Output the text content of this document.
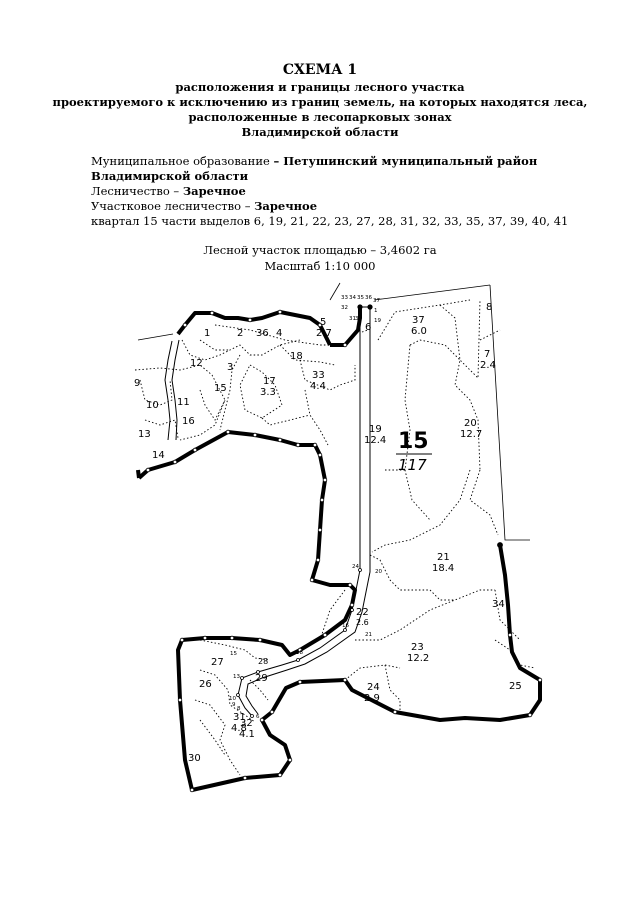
СХЕМА 1
расположения и границы лесного участка
проектируемого к исключению из границ земель, на которых находятся леса,
расположенные в лесопарковых зонах
Владимирской области
Муниципальное образование – Петушинский муниципальный район Владимирской области
Лесничество – Заречное
Участковое лесничество – Заречное
квартал 15 части выделов 6, 19, 21, 22, 23, 27, 28, 31, 32, 33, 35, 37, 39, 40, 41
Лесной участок площадью – 3,4602 га
Масштаб 1:10 000
1	2 36 4
5
2.7
6
37
6.0
8
7
2.4
12 3
18
17
3.3
33
4.4
9	15
10 11
16
13
14
19
12.4
20
12.7
21
18.4
22
2.6
23
12.2
34
24
2.9
25
27
26
28
29
31
4.8
32
4.1
30
33 34 35 36 37
32
31 30
1
19
24
20
16
21
18
15
13
10
9
8
6
15
117
